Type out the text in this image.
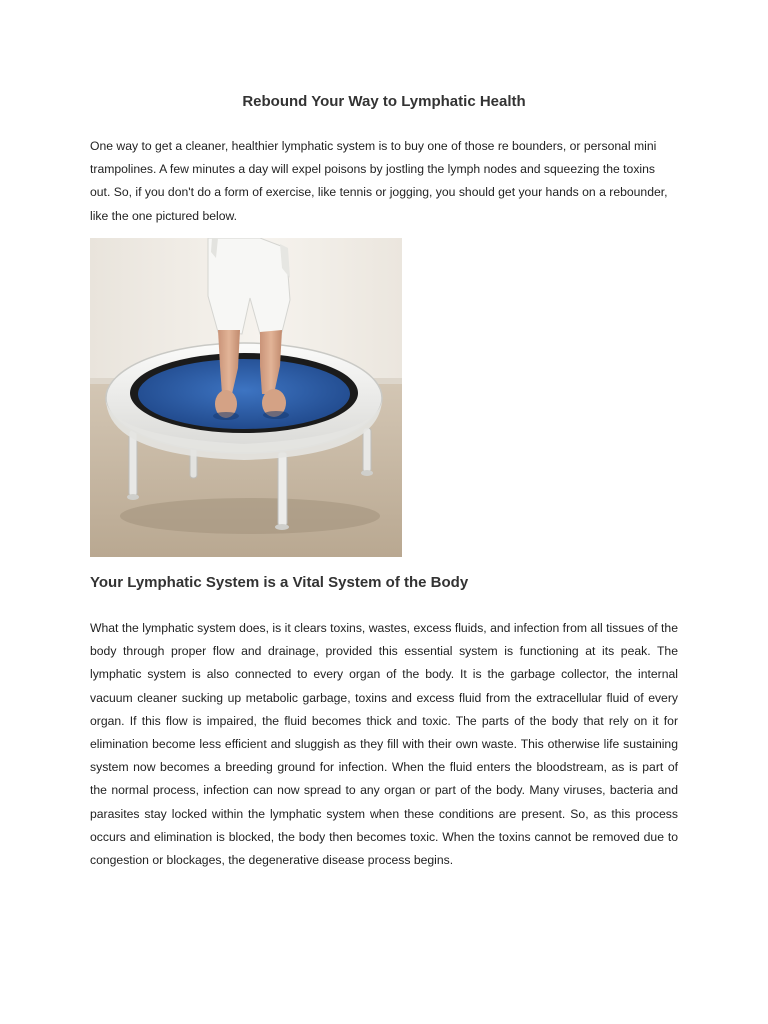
Rebound Your Way to Lymphatic Health

One way to get a cleaner, healthier lymphatic system is to buy one of those re bounders, or personal mini trampolines. A few minutes a day will expel poisons by jostling the lymph nodes and squeezing the toxins out. So, if you don't do a form of exercise, like tennis or jogging, you should get your hands on a rebounder, like the one pictured below.

Your Lymphatic System is a Vital System of the Body

What the lymphatic system does, is it clears toxins, wastes, excess fluids, and infection from all tissues of the body through proper flow and drainage, provided this essential system is functioning at its peak. The lymphatic system is also connected to every organ of the body. It is the garbage collector, the internal vacuum cleaner sucking up metabolic garbage, toxins and excess fluid from the extracellular fluid of every organ. If this flow is impaired, the fluid becomes thick and toxic. The parts of the body that rely on it for elimination become less efficient and sluggish as they fill with their own waste. This otherwise life sustaining system now becomes a breeding ground for infection. When the fluid enters the bloodstream, as is part of the normal process, infection can now spread to any organ or part of the body. Many viruses, bacteria and parasites stay locked within the lymphatic system when these conditions are present. So, as this process occurs and elimination is blocked, the body then becomes toxic. When the toxins cannot be removed due to congestion or blockages, the degenerative disease process begins.
